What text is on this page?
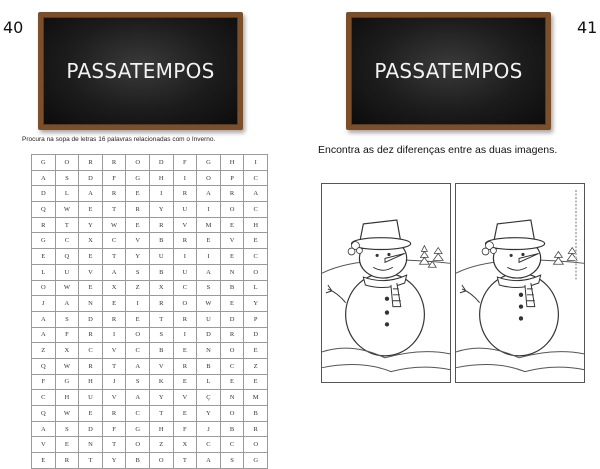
40	41
PASSATEMPOS	PASSATEMPOS
Procura na sopa de letras 16 palavras relacionadas com o Inverno.
G	O	R	R	O	D	F	G	H	I
A	S	D	F	G	H	I	O	P	C
D	L	A	R	E	I	R	A	R	A
Q	W	E	T	R	Y	U	I	O	C
R	T	Y	W	E	R	V	M	E	H
G	C	X	C	V	B	R	E	V	E
E	Q	E	T	Y	U	I	I	E	C
L	U	V	A	S	B	U	A	N	O
O	W	E	X	Z	X	C	S	B	L
J	A	N	E	I	R	O	W	E	Y
A	S	D	R	E	T	R	U	D	P
A	F	R	I	O	S	I	D	R	D
Z	X	C	V	C	B	E	N	O	E
Q	W	R	T	A	V	R	B	C	Z
F	G	H	J	S	K	E	L	E	E
C	H	U	V	A	Y	V	Ç	N	M
Q	W	E	R	C	T	E	Y	O	B
A	S	D	F	G	H	F	J	B	R
V	E	N	T	O	Z	X	C	C	O
E	R	T	Y	B	O	T	A	S	G
Encontra as dez diferenças entre as duas imagens.
